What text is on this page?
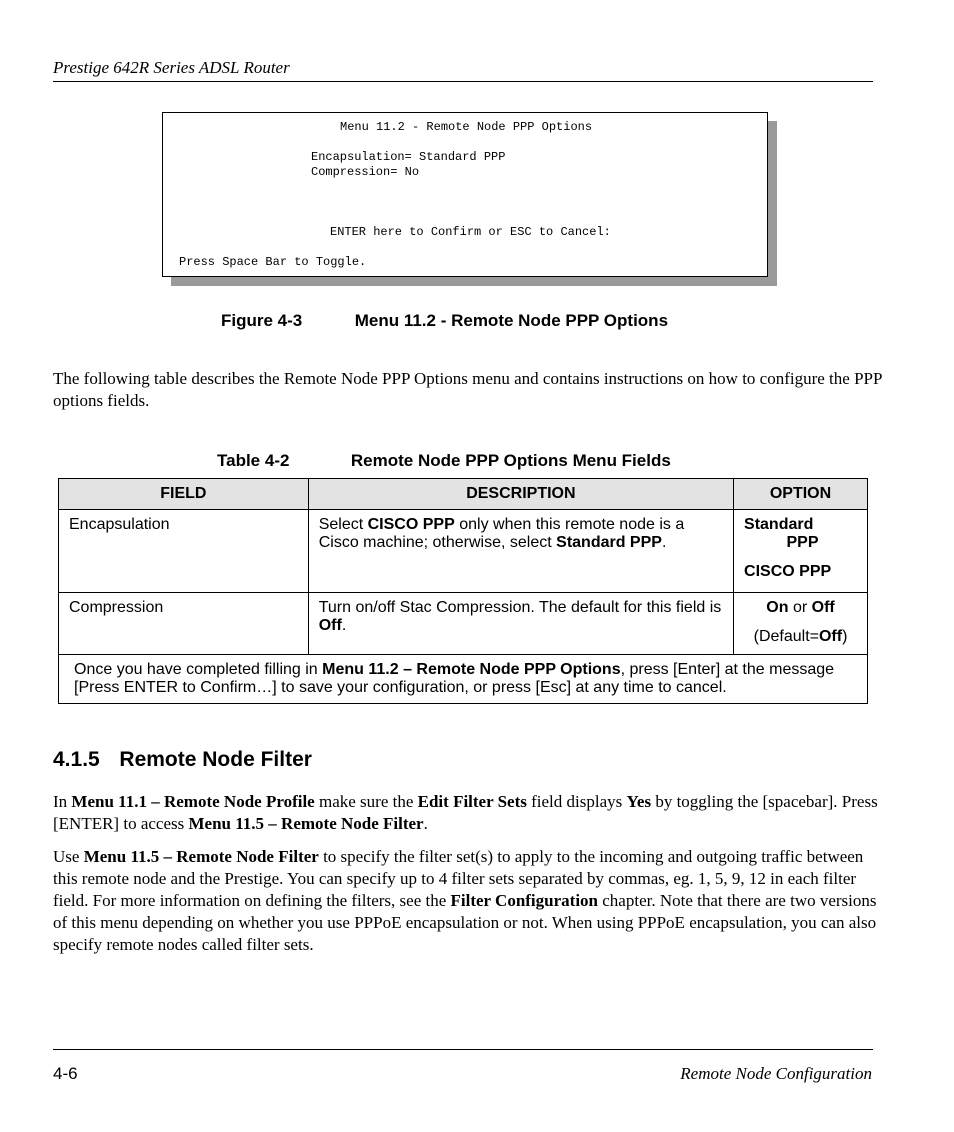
Prestige 642R Series ADSL Router
Menu 11.2 - Remote Node PPP Options
Encapsulation= Standard PPP
Compression= No
ENTER here to Confirm or ESC to Cancel:
Press Space Bar to Toggle.
Figure 4-3	Menu 11.2 - Remote Node PPP Options
The following table describes the Remote Node PPP Options menu and contains instructions on how to configure the PPP options fields.
Table 4-2	Remote Node PPP Options Menu Fields
FIELD	DESCRIPTION	OPTION
Encapsulation	Select CISCO PPP only when this remote node is a Cisco machine; otherwise, select Standard PPP.	Standard

PPP
CISCO PPP

Compression	Turn on/off Stac Compression. The default for this field is Off.	On or Off
(Default=Off)

Once you have completed filling in Menu 11.2 – Remote Node PPP Options, press [Enter] at the message [Press ENTER to Confirm…] to save your configuration, or press [Esc] at any time to cancel.		
4.1.5 Remote Node Filter
In Menu 11.1 – Remote Node Profile make sure the Edit Filter Sets field displays Yes by toggling the [spacebar]. Press [ENTER] to access Menu 11.5 – Remote Node Filter.
Use Menu 11.5 – Remote Node Filter to specify the filter set(s) to apply to the incoming and outgoing traffic between this remote node and the Prestige. You can specify up to 4 filter sets separated by commas, eg. 1, 5, 9, 12 in each filter field. For more information on defining the filters, see the Filter Configuration chapter. Note that there are two versions of this menu depending on whether you use PPPoE encapsulation or not. When using PPPoE encapsulation, you can also specify remote nodes called filter sets.
4-6	Remote Node Configuration
